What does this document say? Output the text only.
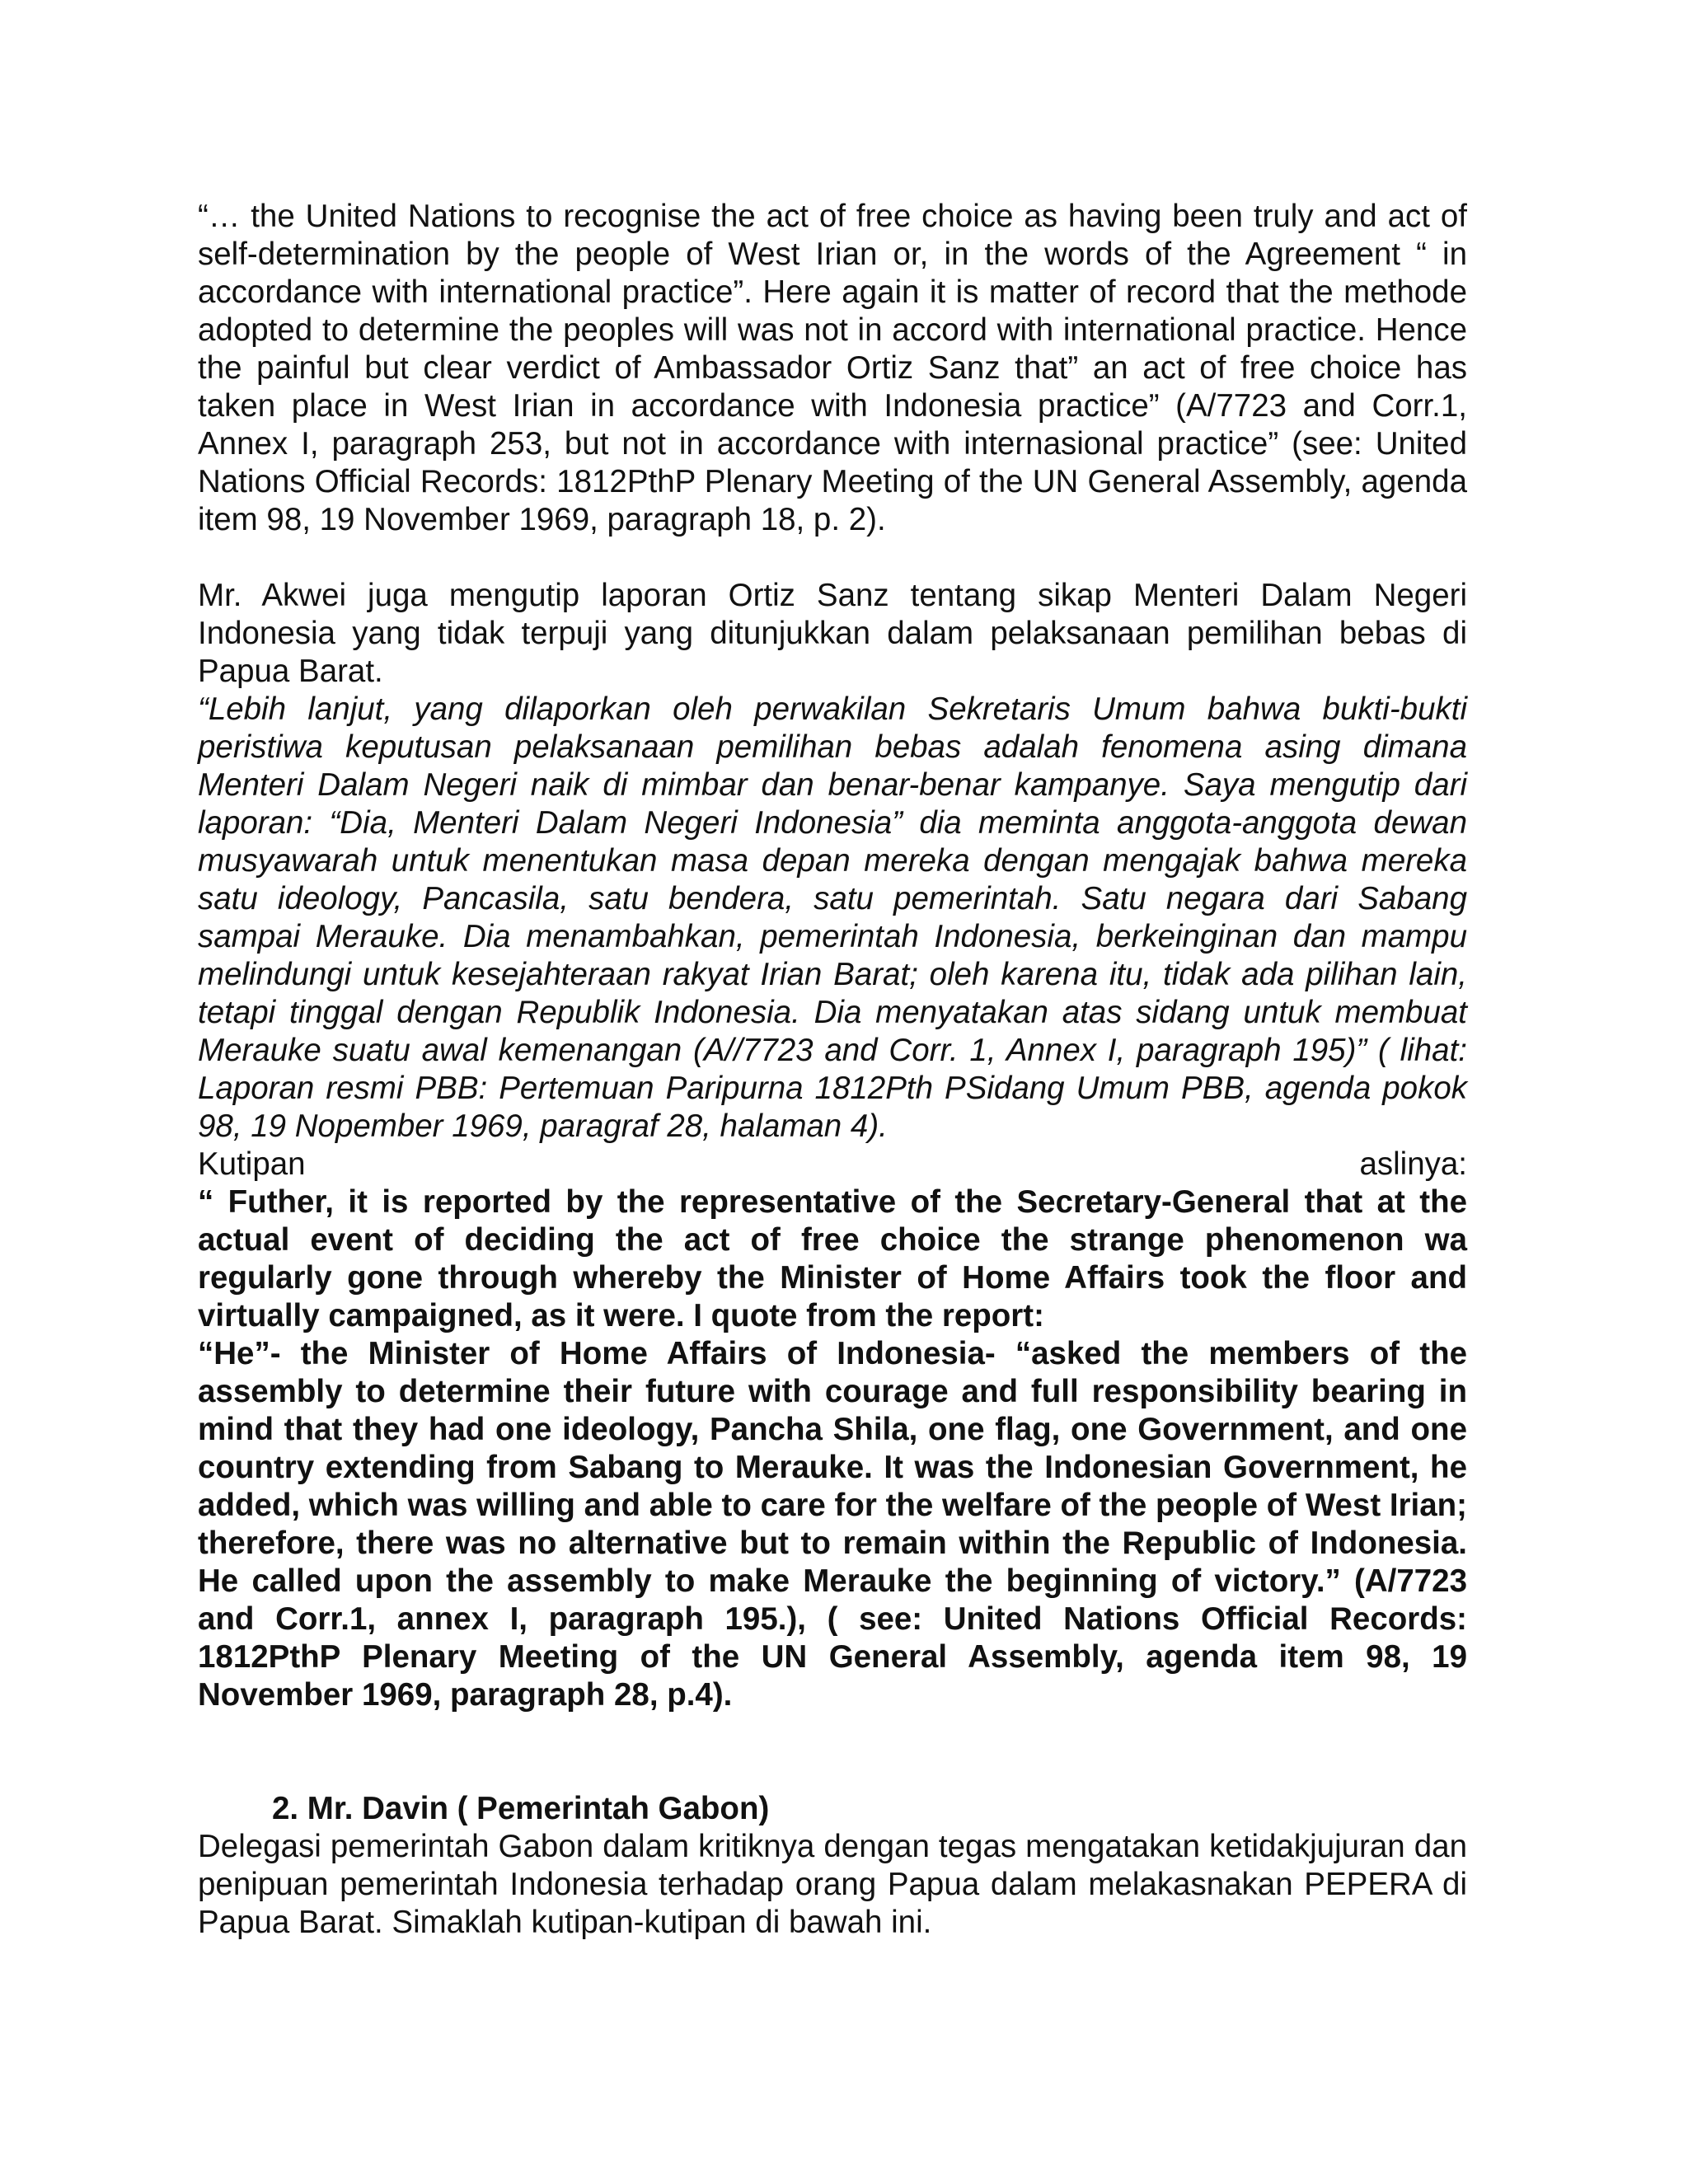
“… the United Nations to recognise the act of free choice as having been truly and act of self-determination by the people of West Irian or, in the words of the Agreement “ in accordance with international practice”. Here again it is matter of record that the methode adopted to determine the peoples will was not in accord with international practice. Hence the painful but clear verdict of Ambassador Ortiz Sanz that” an act of free choice has taken place in West Irian in accordance with Indonesia practice” (A/7723 and Corr.1, Annex I, paragraph 253, but not in accordance with internasional practice” (see: United Nations Official Records: 1812PthP Plenary Meeting of the UN General Assembly, agenda item 98, 19 November 1969, paragraph 18, p. 2).

Mr. Akwei juga mengutip laporan Ortiz Sanz tentang sikap Menteri Dalam Negeri Indonesia yang tidak terpuji yang ditunjukkan dalam pelaksanaan pemilihan bebas di Papua Barat.

“Lebih lanjut, yang dilaporkan oleh perwakilan Sekretaris Umum bahwa bukti-bukti peristiwa keputusan pelaksanaan pemilihan bebas adalah fenomena asing dimana Menteri Dalam Negeri naik di mimbar dan benar-benar kampanye. Saya mengutip dari laporan: “Dia, Menteri Dalam Negeri Indonesia” dia meminta anggota-anggota dewan musyawarah untuk menentukan masa depan mereka dengan mengajak bahwa mereka satu ideology, Pancasila, satu bendera, satu pemerintah. Satu negara dari Sabang sampai Merauke. Dia menambahkan, pemerintah Indonesia, berkeinginan dan mampu melindungi untuk kesejahteraan rakyat Irian Barat; oleh karena itu, tidak ada pilihan lain, tetapi tinggal dengan Republik Indonesia. Dia menyatakan atas sidang untuk membuat Merauke suatu awal kemenangan (A//7723 and Corr. 1, Annex I, paragraph 195)” ( lihat: Laporan resmi PBB: Pertemuan Paripurna 1812Pth PSidang Umum PBB, agenda pokok 98, 19 Nopember 1969, paragraf 28, halaman 4).

Kutipan	aslinya:

“ Futher, it is reported by the representative of the Secretary-General that at the actual event of deciding the act of free choice the strange phenomenon wa regularly gone through whereby the Minister of Home Affairs took the floor and virtually campaigned, as it were. I quote from the report:

“He”- the Minister of Home Affairs of Indonesia- “asked the members of the assembly to determine their future with courage and full responsibility bearing in mind that they had one ideology, Pancha Shila, one flag, one Government, and one country extending from Sabang to Merauke. It was the Indonesian Government, he added, which was willing and able to care for the welfare of the people of West Irian; therefore, there was no alternative but to remain within the Republic of Indonesia. He called upon the assembly to make Merauke the beginning of victory.” (A/7723 and Corr.1, annex I, paragraph 195.), ( see: United Nations Official Records: 1812PthP Plenary Meeting of the UN General Assembly, agenda item 98, 19 November 1969, paragraph 28, p.4).

2. Mr. Davin ( Pemerintah Gabon)

Delegasi pemerintah Gabon dalam kritiknya dengan tegas mengatakan ketidakjujuran dan penipuan pemerintah Indonesia terhadap orang Papua dalam melakasnakan PEPERA di Papua Barat. Simaklah kutipan-kutipan di bawah ini.
